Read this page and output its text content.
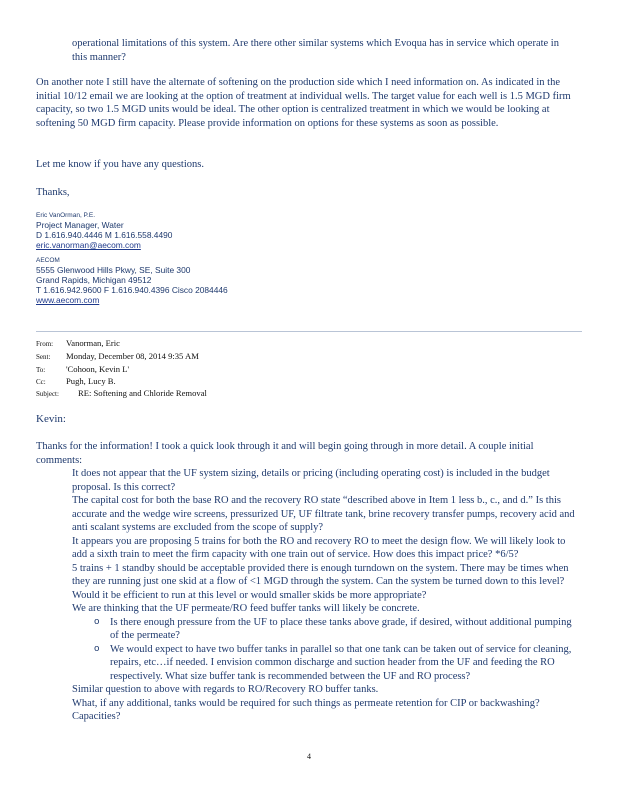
operational limitations of this system. Are there other similar systems which Evoqua has in service which operate in this manner?

On another note I still have the alternate of softening on the production side which I need information on. As indicated in the initial 10/12 email we are looking at the option of treatment at individual wells. The target value for each well is 1.5 MGD firm capacity, so two 1.5 MGD units would be ideal. The other option is centralized treatment in which we would be looking at softening 50 MGD firm capacity. Please provide information on options for these systems as soon as possible.

Let me know if you have any questions.

Thanks,

Eric VanOrman, P.E.
Project Manager, Water
D 1.616.940.4446 M 1.616.558.4490
eric.vanorman@aecom.com
AECOM
5555 Glenwood Hills Pkwy, SE, Suite 300
Grand Rapids, Michigan 49512
T 1.616.942.9600 F 1.616.940.4396 Cisco 2084446
www.aecom.com
From: Vanorman, Eric
Sent: Monday, December 08, 2014 9:35 AM
To: 'Cohoon, Kevin L'
Cc: Pugh, Lucy B.
Subject: RE: Softening and Chloride Removal

Kevin:

Thanks for the information! I took a quick look through it and will begin going through in more detail. A couple initial comments:

It does not appear that the UF system sizing, details or pricing (including operating cost) is included in the budget proposal. Is this correct?
The capital cost for both the base RO and the recovery RO state “described above in Item 1 less b., c., and d.” Is this accurate and the wedge wire screens, pressurized UF, UF filtrate tank, brine recovery transfer pumps, recovery acid and anti scalant systems are excluded from the scope of supply?
It appears you are proposing 5 trains for both the RO and recovery RO to meet the design flow. We will likely look to add a sixth train to meet the firm capacity with one train out of service. How does this impact price? *6/5?
5 trains + 1 standby should be acceptable provided there is enough turndown on the system. There may be times when they are running just one skid at a flow of <1 MGD through the system. Can the system be turned down to this level? Would it be efficient to run at this level or would smaller skids be more appropriate?
We are thinking that the UF permeate/RO feed buffer tanks will likely be concrete.
o Is there enough pressure from the UF to place these tanks above grade, if desired, without additional pumping of the permeate?
o We would expect to have two buffer tanks in parallel so that one tank can be taken out of service for cleaning, repairs, etc…if needed. I envision common discharge and suction header from the UF and feeding the RO respectively. What size buffer tank is recommended between the UF and RO process?
Similar question to above with regards to RO/Recovery RO buffer tanks.
What, if any additional, tanks would be required for such things as permeate retention for CIP or backwashing? Capacities?
4
